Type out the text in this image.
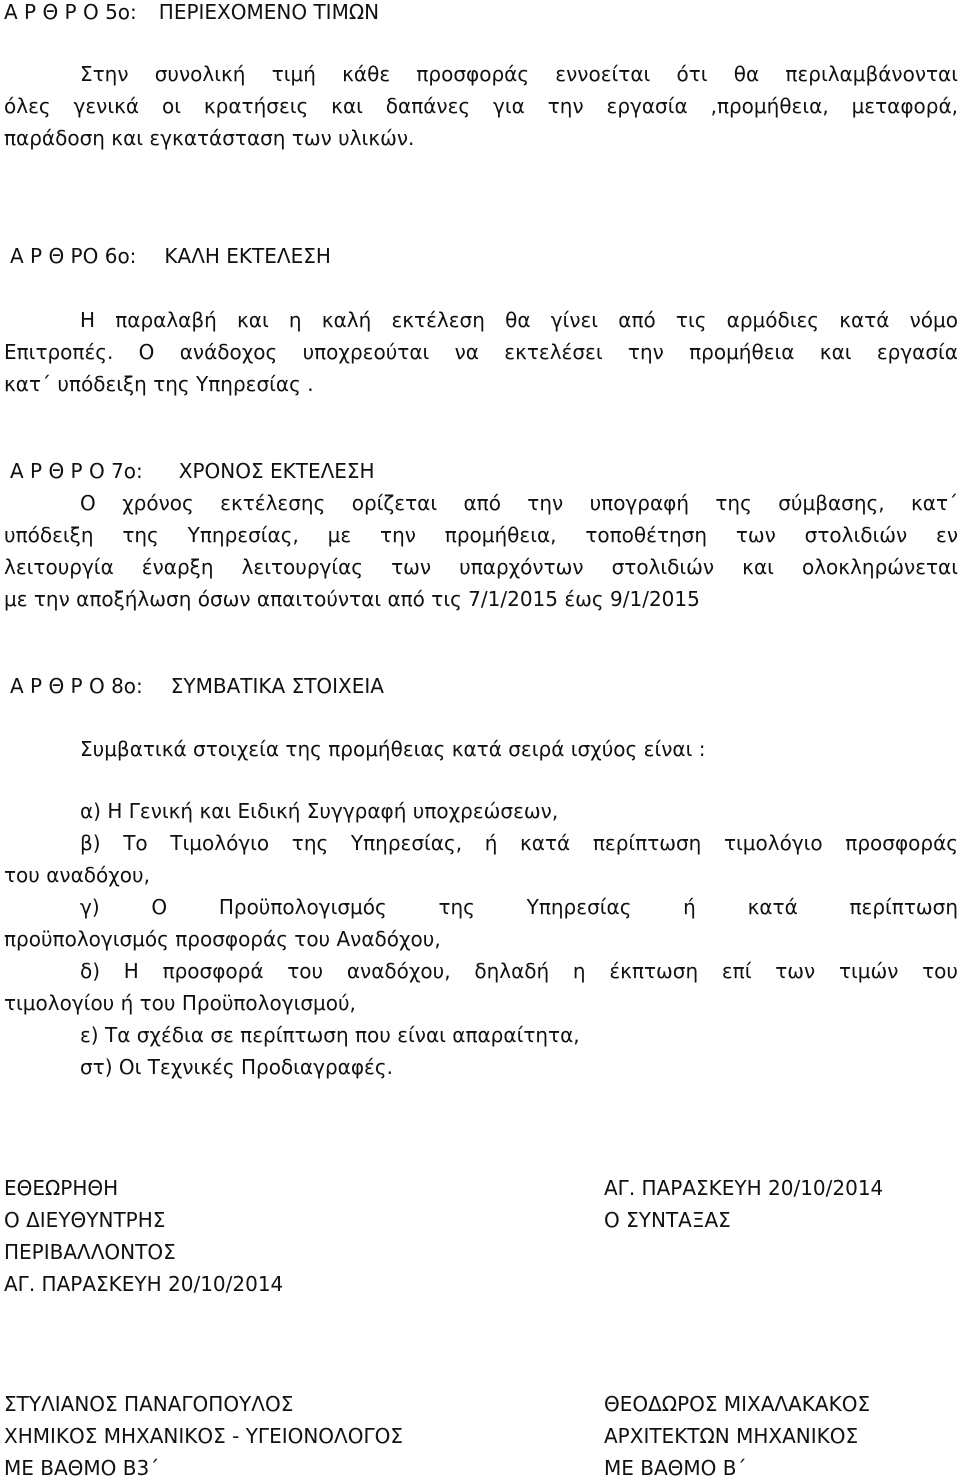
Α Ρ Θ Ρ Ο 5ο: ΠΕΡΙΕΧΟΜΕΝΟ ΤΙΜΩΝ
Στην συνολική τιμή κάθε προσφοράς εννοείται ότι θα περιλαμβάνονται
όλες γενικά οι κρατήσεις και δαπάνες για την εργασία ,προμήθεια, μεταφορά,
παράδοση και εγκατάσταση των υλικών.
Α Ρ Θ ΡΟ 6ο: ΚΑΛΗ ΕΚΤΕΛΕΣΗ
Η παραλαβή και η καλή εκτέλεση θα γίνει από τις αρμόδιες κατά νόμο
Επιτροπές. Ο ανάδοχος υποχρεούται να εκτελέσει την προμήθεια και εργασία
κατ΄ υπόδειξη της Υπηρεσίας .
Α Ρ Θ Ρ Ο 7ο: ΧΡΟΝΟΣ ΕΚΤΕΛΕΣΗ
Ο χρόνος εκτέλεσης ορίζεται από την υπογραφή της σύμβασης, κατ΄
υπόδειξη της Υπηρεσίας, με την προμήθεια, τοποθέτηση των στολιδιών εν
λειτουργία έναρξη λειτουργίας των υπαρχόντων στολιδιών και ολοκληρώνεται
με την αποξήλωση όσων απαιτούνται από τις 7/1/2015 έως 9/1/2015
Α Ρ Θ Ρ Ο 8ο: ΣΥΜΒΑΤΙΚΑ ΣΤΟΙΧΕΙΑ
Συμβατικά στοιχεία της προμήθειας κατά σειρά ισχύος είναι :
α) Η Γενική και Ειδική Συγγραφή υποχρεώσεων,
β) Το Τιμολόγιο της Υπηρεσίας, ή κατά περίπτωση τιμολόγιο προσφοράς
του αναδόχου,
γ) Ο Προϋπολογισμός της Υπηρεσίας ή κατά περίπτωση
προϋπολογισμός προσφοράς του Αναδόχου,
δ) Η προσφορά του αναδόχου, δηλαδή η έκπτωση επί των τιμών του
τιμολογίου ή του Προϋπολογισμού,
ε) Τα σχέδια σε περίπτωση που είναι απαραίτητα,
στ) Οι Τεχνικές Προδιαγραφές.
ΕΘΕΩΡΗΘΗ
Ο ΔΙΕΥΘΥΝΤΡΗΣ
ΠΕΡΙΒΑΛΛΟΝΤΟΣ
ΑΓ. ΠΑΡΑΣΚΕΥΗ 20/10/2014
ΑΓ. ΠΑΡΑΣΚΕΥΗ 20/10/2014
Ο ΣΥΝΤΑΞΑΣ
ΣΤΥΛΙΑΝΟΣ ΠΑΝΑΓΟΠΟΥΛΟΣ
ΧΗΜΙΚΟΣ ΜΗΧΑΝΙΚΟΣ - ΥΓΕΙΟΝΟΛΟΓΟΣ
ΜΕ ΒΑΘΜΟ Β3΄
ΘΕΟΔΩΡΟΣ ΜΙΧΑΛΑΚΑΚΟΣ
ΑΡΧΙΤΕΚΤΩΝ ΜΗΧΑΝΙΚΟΣ
ΜΕ ΒΑΘΜΟ Β΄
